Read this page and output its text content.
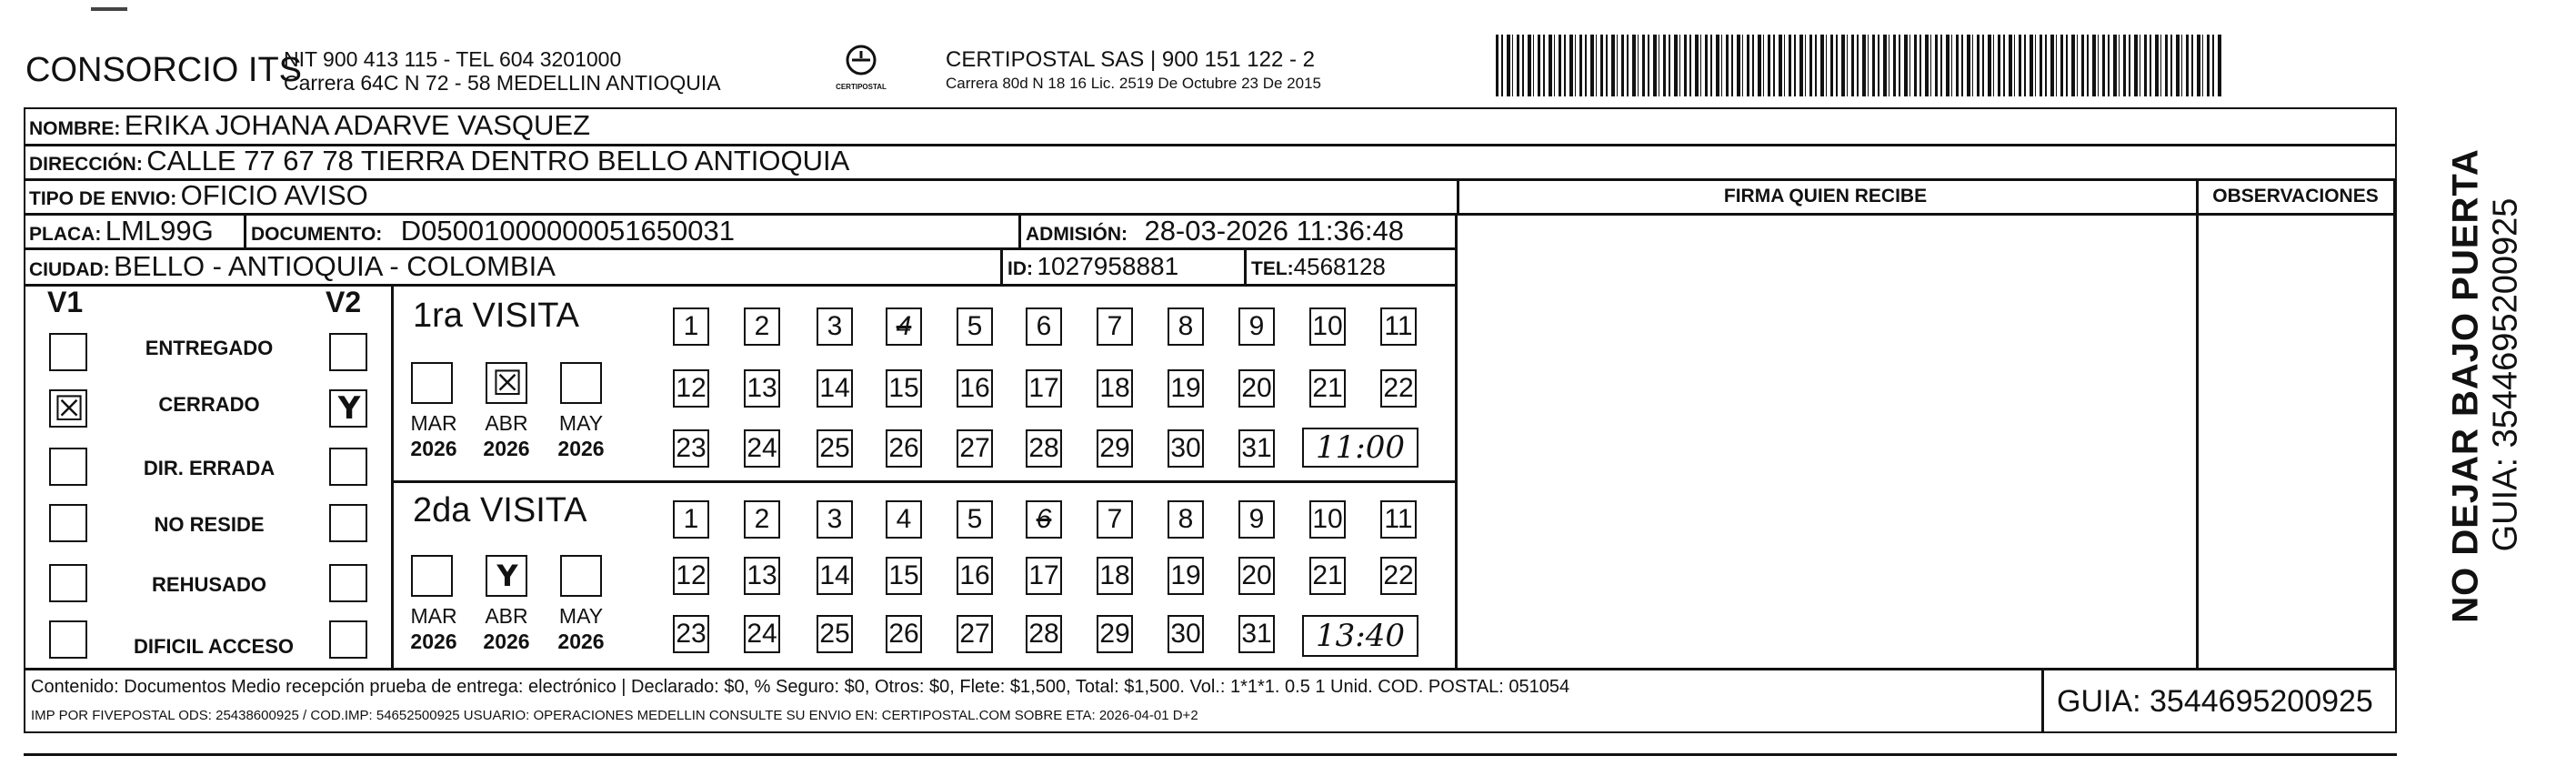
CONSORCIO ITS
NIT 900 413 115 - TEL 604 3201000
Carrera 64C N 72 - 58 MEDELLIN ANTIOQUIA	CERTIPOSTAL
CERTIPOSTAL SAS | 900 151 122 - 2
Carrera 80d N 18 16 Lic. 2519 De Octubre 23 De 2015
NOMBRE: ERIKA JOHANA ADARVE VASQUEZ
DIRECCIÓN: CALLE 77 67 78 TIERRA DENTRO BELLO ANTIOQUIA
TIPO DE ENVIO: OFICIO AVISO	FIRMA QUIEN RECIBE	OBSERVACIONES
PLACA: LML99G DOCUMENTO: D05001000000051650031	ADMISIÓN: 28-03-2026 11:36:48
CIUDAD: BELLO - ANTIOQUIA - COLOMBIA	ID: 1027958881	TEL:4568128
V1	V2
ENTREGADO
☒	CERRADO	Y
DIR. ERRADA
NO RESIDE
REHUSADO
DIFICIL ACCESO
1ra VISITA
☒
MAR	ABR	MAY
2026 2026	2026
2da VISITA
Y
MAR	ABR	MAY
2026 2026	2026
1	2	3	4	5	6	7	8	9	10 11
12 13 14 15 16 17 18 19 20 21 22
23 24 25 26 27 28 29 30 31
1	2	3	4	5	6	7	8	9	10 11
12 13 14 15 16 17 18 19 20 21 22
23 24 25 26 27 28 29 30 31
11:00
13:40
Contenido: Documentos Medio recepción prueba de entrega: electrónico | Declarado: $0, % Seguro: $0, Otros: $0, Flete: $1,500, Total: $1,500. Vol.: 1*1*1. 0.5 1 Unid. COD. POSTAL: 051054
IMP POR FIVEPOSTAL ODS: 25438600925 / COD.IMP: 54652500925 USUARIO: OPERACIONES MEDELLIN CONSULTE SU ENVIO EN: CERTIPOSTAL.COM SOBRE ETA: 2026-04-01 D+2	GUIA: 3544695200925
NO DEJAR BAJO PUERTA GUIA: 3544695200925
